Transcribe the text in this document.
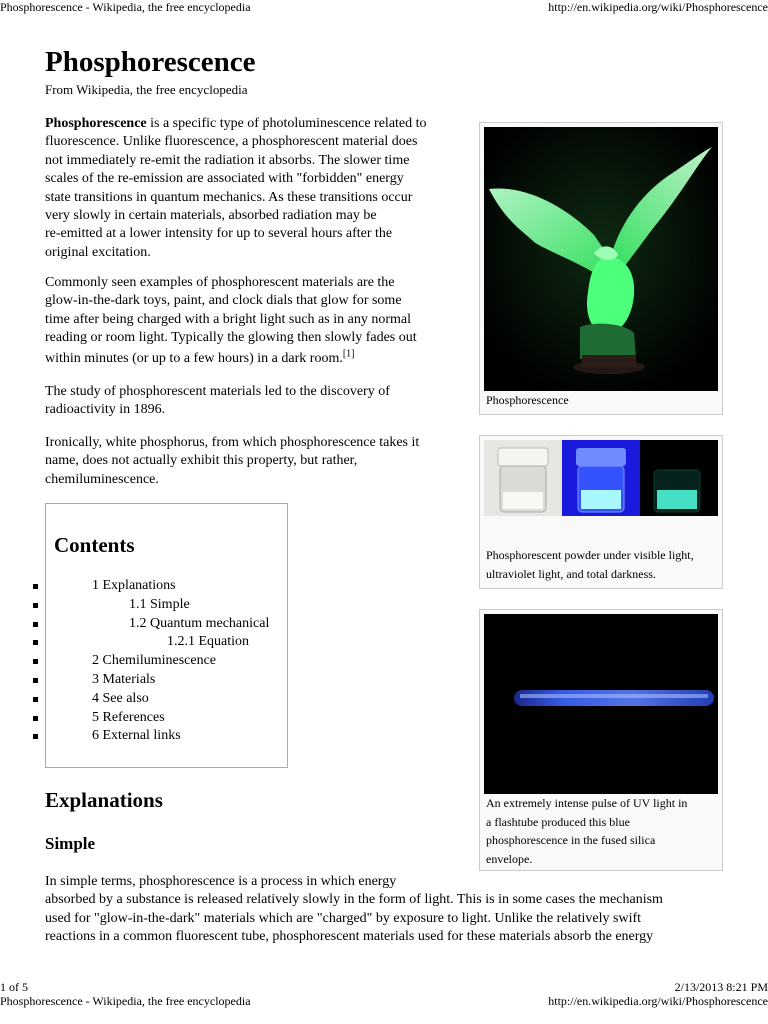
Phosphorescence - Wikipedia, the free encyclopedia	http://en.wikipedia.org/wiki/Phosphorescence
Phosphorescence
From Wikipedia, the free encyclopedia
Phosphorescence is a specific type of photoluminescence related to
fluorescence. Unlike fluorescence, a phosphorescent material does
not immediately re-emit the radiation it absorbs. The slower time
scales of the re-emission are associated with "forbidden" energy
state transitions in quantum mechanics. As these transitions occur
very slowly in certain materials, absorbed radiation may be
re-emitted at a lower intensity for up to several hours after the
original excitation.
Commonly seen examples of phosphorescent materials are the
glow-in-the-dark toys, paint, and clock dials that glow for some
time after being charged with a bright light such as in any normal
reading or room light. Typically the glowing then slowly fades out
within minutes (or up to a few hours) in a dark room.[1]
The study of phosphorescent materials led to the discovery of
radioactivity in 1896.
Ironically, white phosphorus, from which phosphorescence takes it
name, does not actually exhibit this property, but rather,
chemiluminescence.
Contents
1 Explanations
1.1 Simple
1.2 Quantum mechanical
1.2.1 Equation
2 Chemiluminescence
3 Materials
4 See also
5 References
6 External links
Explanations
Simple
In simple terms, phosphorescence is a process in which energy
absorbed by a substance is released relatively slowly in the form of light. This is in some cases the mechanism
used for "glow-in-the-dark" materials which are "charged" by exposure to light. Unlike the relatively swift
reactions in a common fluorescent tube, phosphorescent materials used for these materials absorb the energy
Phosphorescence
Phosphorescent powder under visible light,
ultraviolet light, and total darkness.
An extremely intense pulse of UV light in
a flashtube produced this blue
phosphorescence in the fused silica
envelope.
1 of 5	2/13/2013 8:21 PM
Phosphorescence - Wikipedia, the free encyclopedia	http://en.wikipedia.org/wiki/Phosphorescence
